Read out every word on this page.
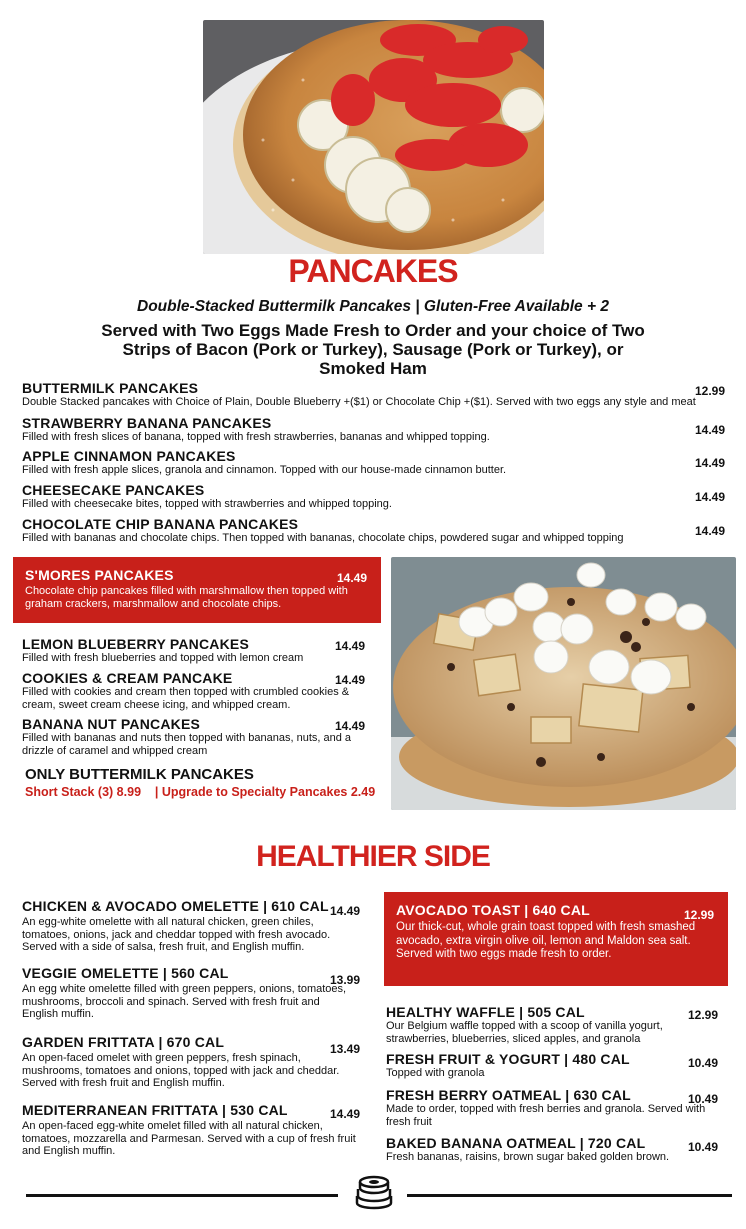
PANCAKES
Double-Stacked Buttermilk Pancakes | Gluten-Free Available + 2
Served with Two Eggs Made Fresh to Order and your choice of Two Strips of Bacon (Pork or Turkey), Sausage (Pork or Turkey), or Smoked Ham
BUTTERMILK PANCAKES	12.99
Double Stacked pancakes with Choice of Plain, Double Blueberry +($1) or Chocolate Chip +($1). Served with two eggs any style and meat
STRAWBERRY BANANA PANCAKES	14.49
Filled with fresh slices of banana, topped with fresh strawberries, bananas and whipped topping.
APPLE CINNAMON PANCAKES	14.49
Filled with fresh apple slices, granola and cinnamon. Topped with our house-made cinnamon butter.
CHEESECAKE PANCAKES	14.49
Filled with cheesecake bites, topped with strawberries and whipped topping.
CHOCOLATE CHIP BANANA PANCAKES	14.49
Filled with bananas and chocolate chips. Then topped with bananas, chocolate chips, powdered sugar and whipped topping
S'MORES PANCAKES	14.49
Chocolate chip pancakes filled with marshmallow then topped with graham crackers, marshmallow and chocolate chips.
LEMON BLUEBERRY PANCAKES	14.49
Filled with fresh blueberries and topped with lemon cream
COOKIES & CREAM PANCAKE	14.49
Filled with cookies and cream then topped with crumbled cookies & cream, sweet cream cheese icing, and whipped cream.
BANANA NUT PANCAKES	14.49
Filled with bananas and nuts then topped with bananas, nuts, and a drizzle of caramel and whipped cream
ONLY BUTTERMILK PANCAKES
Short Stack (3) 8.99    | Upgrade to Specialty Pancakes 2.49
HEALTHIER SIDE
CHICKEN & AVOCADO OMELETTE | 610 CAL 14.49
An egg-white omelette with all natural chicken, green chiles, tomatoes, onions, jack and cheddar topped with fresh avocado. Served with a side of salsa, fresh fruit, and English muffin.
VEGGIE OMELETTE | 560 CAL	13.99
An egg white omelette filled with green peppers, onions, tomatoes, mushrooms, broccoli and spinach. Served with fresh fruit and English muffin.
GARDEN FRITTATA | 670 CAL	13.49
An open-faced omelet with green peppers, fresh spinach, mushrooms, tomatoes and onions, topped with jack and cheddar. Served with fresh fruit and English muffin.
MEDITERRANEAN FRITTATA | 530 CAL	14.49
An open-faced egg-white omelet filled with all natural chicken, tomatoes, mozzarella and Parmesan. Served with a cup of fresh fruit and English muffin.
AVOCADO TOAST | 640 CAL	12.99
Our thick-cut, whole grain toast topped with fresh smashed avocado, extra virgin olive oil, lemon and Maldon sea salt. Served with two eggs made fresh to order.
HEALTHY WAFFLE | 505 CAL	12.99
Our Belgium waffle topped with a scoop of vanilla yogurt, strawberries, blueberries, sliced apples, and granola
FRESH FRUIT & YOGURT | 480 CAL	10.49
Topped with granola
FRESH BERRY OATMEAL | 630 CAL	10.49
Made to order, topped with fresh berries and granola. Served with fresh fruit
BAKED BANANA OATMEAL | 720 CAL	10.49
Fresh bananas, raisins, brown sugar baked golden brown.
